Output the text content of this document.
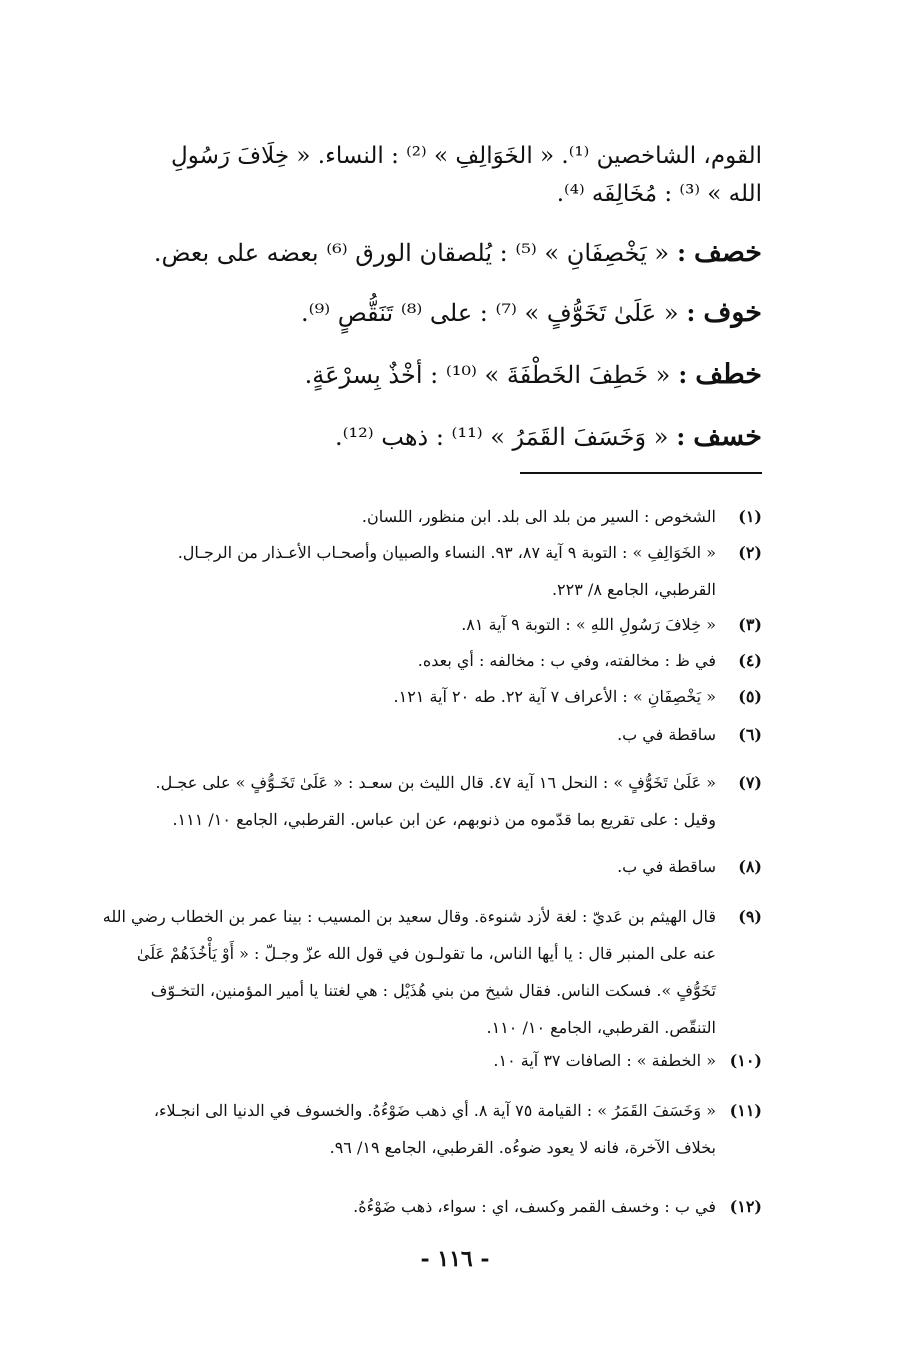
القوم، الشاخصين ⁽¹⁾. « الخَوَالِفِ » ⁽²⁾ : النساء. « خِلَافَ رَسُولِ
الله » ⁽³⁾ : مُخَالِفَه ⁽⁴⁾.
خصف:« يَخْصِفَانِ » ⁽⁵⁾ : يُلصقان الورق ⁽⁶⁾ بعضه على بعض.
خوف:« عَلَىٰ تَخَوُّفٍ » ⁽⁷⁾ : على ⁽⁸⁾ تَنَقُّصٍ ⁽⁹⁾.
خطف:« خَطِفَ الخَطْفَةَ » ⁽¹⁰⁾ : أخْذٌ بِسرْعَةٍ.
خسف:« وَخَسَفَ القَمَرُ » ⁽¹¹⁾ : ذهب ⁽¹²⁾.
(١)الشخوص : السير من بلد الى بلد. ابن منظور، اللسان.
(٢)« الخَوَالِفِ » : التوبة ٩ آية ٨٧، ٩٣. النساء والصبيان وأصحـاب الأعـذار من الرجـال.
القرطبي، الجامع ٨/ ٢٢٣.
(٣)« خِلافَ رَسُولِ اللهِ » : التوبة ٩ آية ٨١.
(٤)في ظ : مخالفته، وفي ب : مخالفه : أي بعده.
(٥)« يَخْصِفَانِ » : الأعراف ٧ آية ٢٢. طه ٢٠ آية ١٢١.
(٦)ساقطة في ب.
(٧)« عَلَىٰ تَخَوُّفٍ » : النحل ١٦ آية ٤٧. قال الليث بن سعـد : « عَلَىٰ تَخَـوُّفٍ » على عجـل.
وقيل : على تقريع بما قدّموه من ذنوبهم، عن ابن عباس. القرطبي، الجامع ١٠/ ١١١.
(٨)ساقطة في ب.
(٩)قال الهيثم بن عَديّ : لغة لأزد شنوءة. وقال سعيد بن المسيب : بينا عمر بن الخطاب رضي الله
عنه على المنبر قال : يا أيها الناس، ما تقولـون في قول الله عزّ وجـلّ : « أَوْ يَأْخُذَهُمْ عَلَىٰ
تَخَوُّفٍ ». فسكت الناس. فقال شيخ من بني هُذَيْل : هي لغتنا يا أمير المؤمنين، التخـوّف
التنقّص. القرطبي، الجامع ١٠/ ١١٠.
(١٠)« الخطفة » : الصافات ٣٧ آية ١٠.
(١١)« وَخَسَفَ القَمَرُ » : القيامة ٧٥ آية ٨. أي ذهب ضَوْءُهُ. والخسوف في الدنيا الى انجـلاء،
بخلاف الآخرة، فانه لا يعود ضوءُه. القرطبي، الجامع ١٩/ ٩٦.
(١٢)في ب : وخسف القمر وكسف، اي : سواء، ذهب ضَوْءُهُ.
- ١١٦ -
